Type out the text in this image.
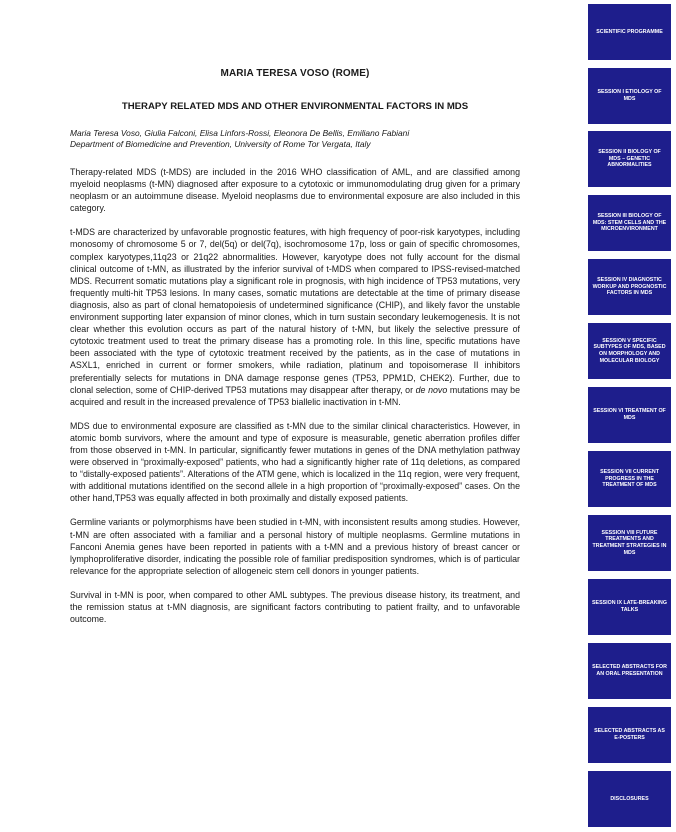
MARIA TERESA VOSO (ROME)

THERAPY RELATED MDS AND OTHER ENVIRONMENTAL FACTORS IN MDS

Maria Teresa Voso, Giulia Falconi, Elisa Linfors-Rossi, Eleonora De Bellis, Emiliano Fabiani

Department of Biomedicine and Prevention, University of Rome Tor Vergata, Italy

Therapy-related MDS (t-MDS) are included in the 2016 WHO classification of AML, and are classified among myeloid neoplasms (t-MN) diagnosed after exposure to a cytotoxic or immunomodulating drug given for a primary neoplasm or an autoimmune disease. Myeloid neoplasms due to environmental exposure are also included in this category.

t-MDS are characterized by unfavorable prognostic features, with high frequency of poor-risk karyotypes, including monosomy of chromosome 5 or 7, del(5q) or del(7q), isochromosome 17p, loss or gain of specific chromosomes, complex karyotypes,11q23 or 21q22 abnormalities. However, karyotype does not fully account for the dismal clinical outcome of t-MN, as illustrated by the inferior survival of t-MDS when compared to IPSS-revised-matched MDS. Recurrent somatic mutations play a significant role in prognosis, with high incidence of TP53 mutations, very frequently multi-hit TP53 lesions. In many cases, somatic mutations are detectable at the time of primary disease diagnosis, also as part of clonal hematopoiesis of undetermined significance (CHIP), and likely favor the unstable environment supporting later expansion of minor clones, which in turn sustain secondary leukemogenesis. It is not clear whether this evolution occurs as part of the natural history of t-MN, but likely the selective pressure of cytotoxic treatment used to treat the primary disease has a promoting role. In this line, specific mutations have been associated with the type of cytotoxic treatment received by the patients, as in the case of mutations in ASXL1, enriched in current or former smokers, while radiation, platinum and topoisomerase II inhibitors preferentially selects for mutations in DNA damage response genes (TP53, PPM1D, CHEK2). Further, due to clonal selection, some of CHIP-derived TP53 mutations may disappear after therapy, or de novo mutations may be acquired and result in the increased prevalence of TP53 biallelic inactivation in t-MN.

MDS due to environmental exposure are classified as t-MN due to the similar clinical characteristics. However, in atomic bomb survivors, where the amount and type of exposure is measurable, genetic aberration profiles differ from those observed in t-MN. In particular, significantly fewer mutations in genes of the DNA methylation pathway were observed in “proximally-exposed” patients, who had a significantly higher rate of 11q deletions, as compared to “distally-exposed patients”. Alterations of the ATM gene, which is localized in the 11q region, were very frequent, with additional mutations identified on the second allele in a high proportion of “proximally-exposed” cases. On the other hand,TP53 was equally affected in both proximally and distally exposed patients.

Germline variants or polymorphisms have been studied in t-MN, with inconsistent results among studies. However, t-MN are often associated with a familiar and a personal history of multiple neoplasms. Germline mutations in Fanconi Anemia genes have been reported in patients with a t-MN and a previous history of breast cancer or lymphoproliferative disorder, indicating the possible role of familiar predisposition syndromes, which is of particular relevance for the appropriate selection of allogeneic stem cell donors in younger patients.

Survival in t-MN is poor, when compared to other AML subtypes. The previous disease history, its treatment, and the remission status at t-MN diagnosis, are significant factors contributing to patient frailty, and to unfavorable outcome.

SCIENTIFIC PROGRAMME
SESSION I ETIOLOGY OF MDS
SESSION II BIOLOGY OF MDS – GENETIC ABNORMALITIES
SESSION III BIOLOGY OF MDS: STEM CELLS AND THE MICROENVIRONMENT
SESSION IV DIAGNOSTIC WORKUP AND PROGNOSTIC FACTORS IN MDS
SESSION V SPECIFIC SUBTYPES OF MDS, BASED ON MORPHOLOGY AND MOLECULAR BIOLOGY
SESSION VI TREATMENT OF MDS
SESSION VII CURRENT PROGRESS IN THE TREATMENT OF MDS
SESSION VIII FUTURE TREATMENTS AND TREATMENT STRATEGIES IN MDS
SESSION IX LATE-BREAKING TALKS
SELECTED ABSTRACTS FOR AN ORAL PRESENTATION
SELECTED ABSTRACTS AS E-POSTERS
DISCLOSURES
